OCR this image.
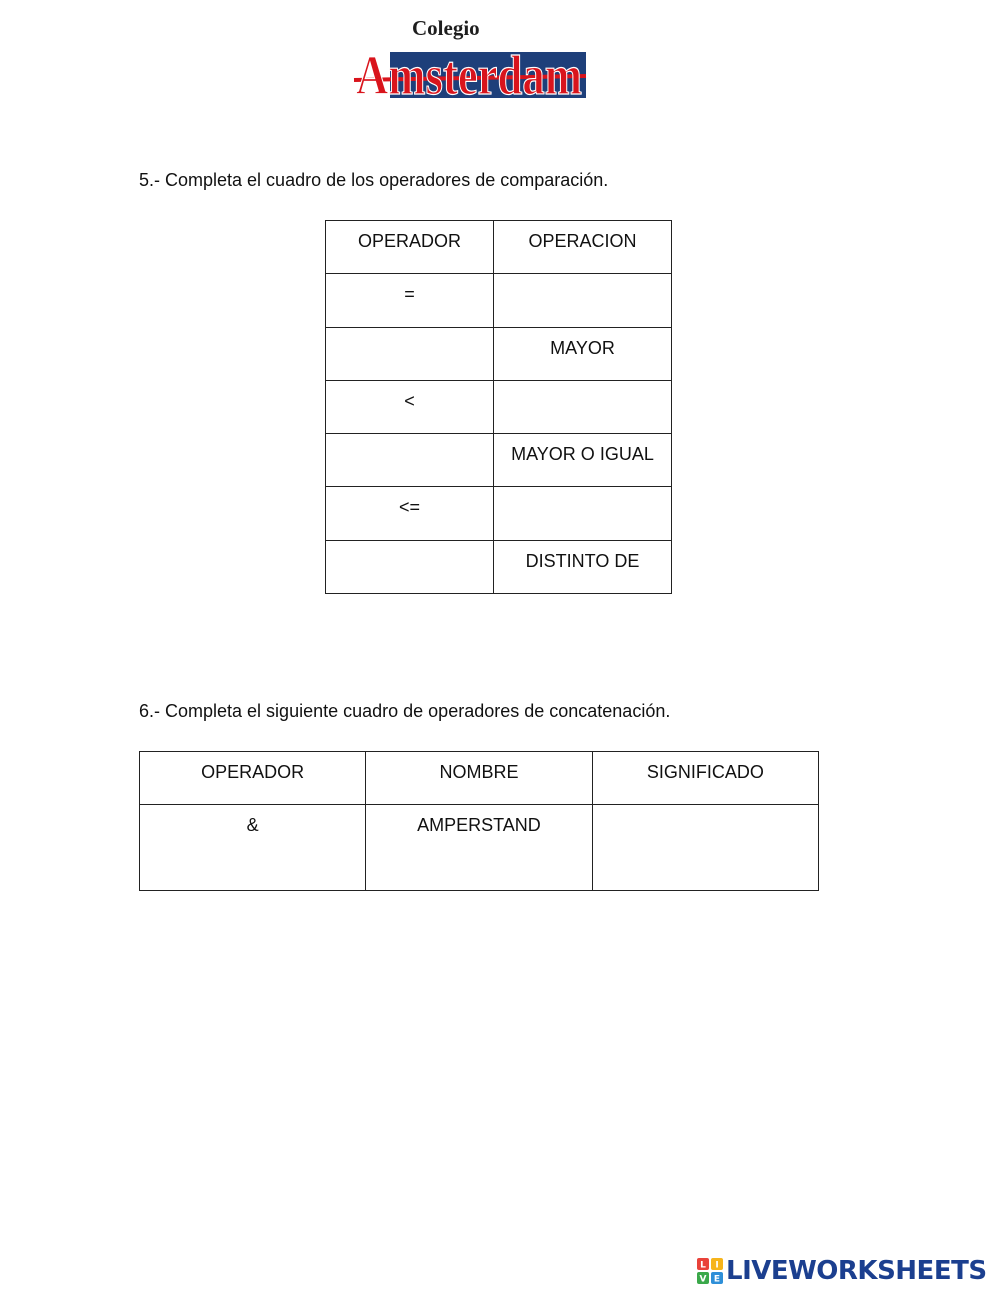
Colegio
Amsterdam

5.- Completa el cuadro de los operadores de comparación.

OPERADOR	OPERACION
=	
	MAYOR
<	
	MAYOR O IGUAL
<=	
	DISTINTO DE

6.- Completa el siguiente cuadro de operadores de concatenación.

OPERADOR	NOMBRE	SIGNIFICADO
&	AMPERSTAND	
L I
V E LIVEWORKSHEETS
